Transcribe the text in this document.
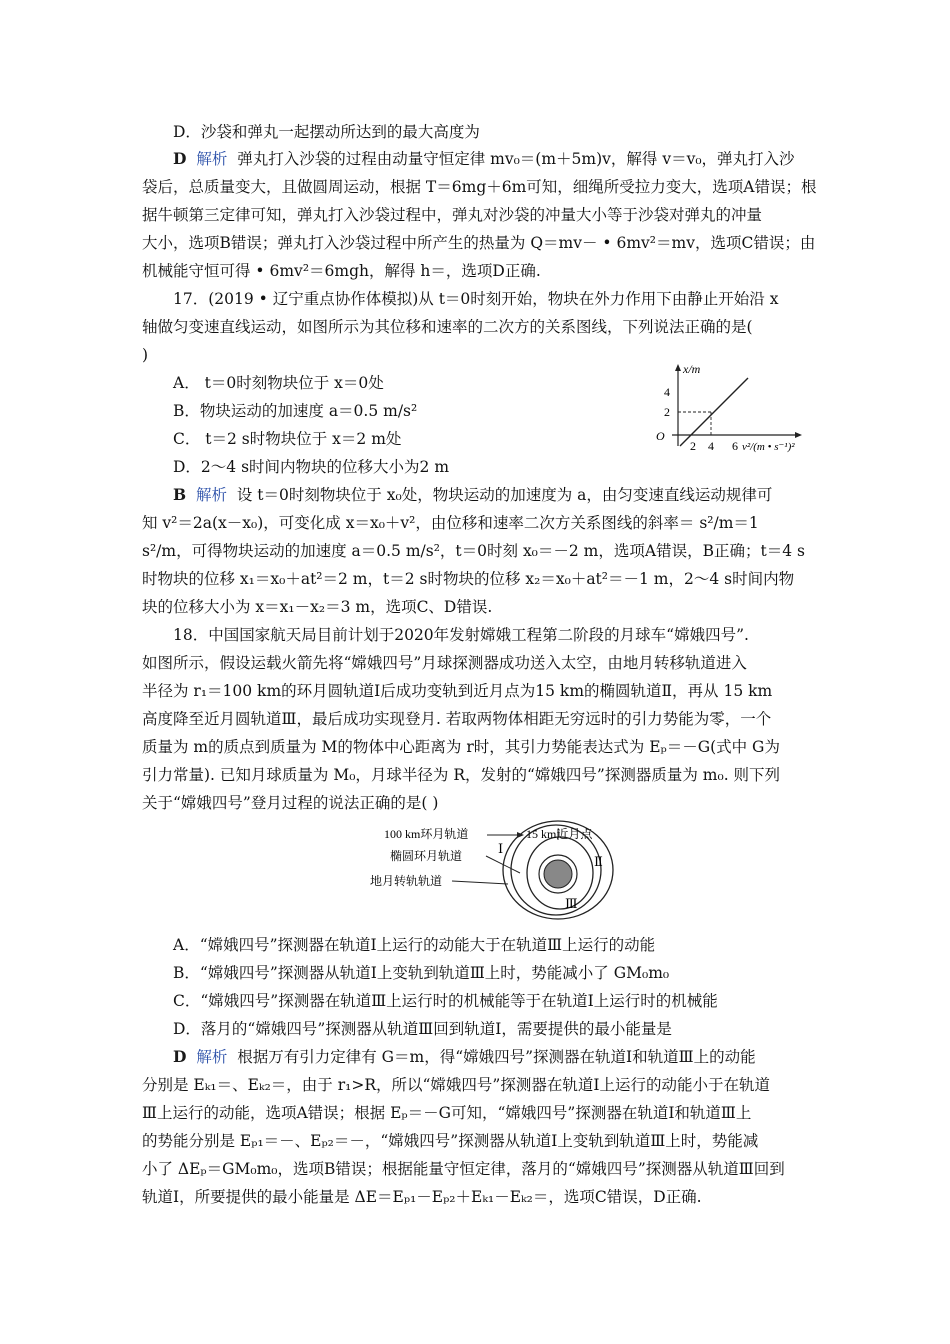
D．沙袋和弹丸一起摆动所达到的最大高度为
D 解析 弹丸打入沙袋的过程由动量守恒定律 mv₀＝(m＋5m)v，解得 v＝v₀，弹丸打入沙
袋后，总质量变大，且做圆周运动，根据 T＝6mg＋6m可知，细绳所受拉力变大，选项A错误；根
据牛顿第三定律可知，弹丸打入沙袋过程中，弹丸对沙袋的冲量大小等于沙袋对弹丸的冲量
大小，选项B错误；弹丸打入沙袋过程中所产生的热量为 Q＝mv－ • 6mv²＝mv，选项C错误；由
机械能守恒可得 • 6mv²＝6mgh，解得 h＝，选项D正确.
17．(2019 • 辽宁重点协作体模拟)从 t＝0时刻开始，物块在外力作用下由静止开始沿 x
轴做匀变速直线运动，如图所示为其位移和速率的二次方的关系图线，下列说法正确的是(
)
A． t＝0时刻物块位于 x＝0处
B．物块运动的加速度 a＝0.5 m/s²
C． t＝2 s时物块位于 x＝2 m处
D．2～4 s时间内物块的位移大小为2 m
x/m
4
2
O
2 4 6 v²/(m • s⁻¹)²
B 解析 设 t＝0时刻物块位于 x₀处，物块运动的加速度为 a，由匀变速直线运动规律可
知 v²＝2a(x－x₀)，可变化成 x＝x₀＋v²，由位移和速率二次方关系图线的斜率＝ s²/m＝1
s²/m，可得物块运动的加速度 a＝0.5 m/s²，t＝0时刻 x₀＝－2 m，选项A错误，B正确；t＝4 s
时物块的位移 x₁＝x₀＋at²＝2 m，t＝2 s时物块的位移 x₂＝x₀＋at²＝－1 m，2～4 s时间内物
块的位移大小为 x＝x₁－x₂＝3 m，选项C、D错误.
18．中国国家航天局目前计划于2020年发射嫦娥工程第二阶段的月球车“嫦娥四号”.
如图所示，假设运载火箭先将“嫦娥四号”月球探测器成功送入太空，由地月转移轨道进入
半径为 r₁＝100 km的环月圆轨道Ⅰ后成功变轨到近月点为15 km的椭圆轨道Ⅱ，再从 15 km
高度降至近月圆轨道Ⅲ，最后成功实现登月. 若取两物体相距无穷远时的引力势能为零，一个
质量为 m的质点到质量为 M的物体中心距离为 r时，其引力势能表达式为 Eₚ＝－G(式中 G为
引力常量). 已知月球质量为 M₀，月球半径为 R，发射的“嫦娥四号”探测器质量为 m₀. 则下列
关于“嫦娥四号”登月过程的说法正确的是( )
100 km环月轨道	15 km近月点
椭圆环月轨道
地月转轨轨道
Ⅰ
Ⅱ
Ⅲ
A．“嫦娥四号”探测器在轨道Ⅰ上运行的动能大于在轨道Ⅲ上运行的动能
B．“嫦娥四号”探测器从轨道Ⅰ上变轨到轨道Ⅲ上时，势能减小了 GM₀m₀
C．“嫦娥四号”探测器在轨道Ⅲ上运行时的机械能等于在轨道Ⅰ上运行时的机械能
D．落月的“嫦娥四号”探测器从轨道Ⅲ回到轨道Ⅰ，需要提供的最小能量是
D 解析 根据万有引力定律有 G＝m，得“嫦娥四号”探测器在轨道Ⅰ和轨道Ⅲ上的动能
分别是 Eₖ₁＝、Eₖ₂＝，由于 r₁>R，所以“嫦娥四号”探测器在轨道Ⅰ上运行的动能小于在轨道
Ⅲ上运行的动能，选项A错误；根据 Eₚ＝－G可知，“嫦娥四号”探测器在轨道Ⅰ和轨道Ⅲ上
的势能分别是 Eₚ₁＝－、Eₚ₂＝－，“嫦娥四号”探测器从轨道Ⅰ上变轨到轨道Ⅲ上时，势能减
小了 ΔEₚ＝GM₀m₀，选项B错误；根据能量守恒定律，落月的“嫦娥四号”探测器从轨道Ⅲ回到
轨道Ⅰ，所要提供的最小能量是 ΔE＝Eₚ₁－Eₚ₂＋Eₖ₁－Eₖ₂＝，选项C错误，D正确.
